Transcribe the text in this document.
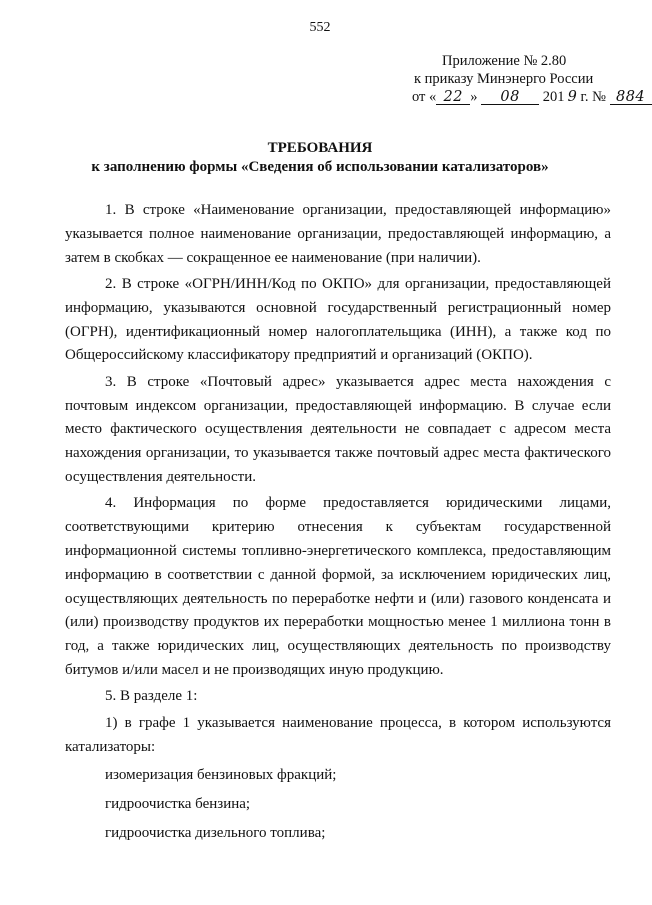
552
Приложение № 2.80
к приказу Минэнерго России
от « 22 » 08 201 9 г. № 884
ТРЕБОВАНИЯ
к заполнению формы «Сведения об использовании катализаторов»

1. В строке «Наименование организации, предоставляющей информацию» указывается полное наименование организации, предоставляющей информацию, а затем в скобках — сокращенное ее наименование (при наличии).

2. В строке «ОГРН/ИНН/Код по ОКПО» для организации, предоставляющей информацию, указываются основной государственный регистрационный номер (ОГРН), идентификационный номер налогоплательщика (ИНН), а также код по Общероссийскому классификатору предприятий и организаций (ОКПО).

3. В строке «Почтовый адрес» указывается адрес места нахождения с почтовым индексом организации, предоставляющей информацию. В случае если место фактического осуществления деятельности не совпадает с адресом места нахождения организации, то указывается также почтовый адрес места фактического осуществления деятельности.

4. Информация по форме предоставляется юридическими лицами, соответствующими критерию отнесения к субъектам государственной информационной системы топливно-энергетического комплекса, предоставляющим информацию в соответствии с данной формой, за исключением юридических лиц, осуществляющих деятельность по переработке нефти и (или) газового конденсата и (или) производству продуктов их переработки мощностью менее 1 миллиона тонн в год, а также юридических лиц, осуществляющих деятельность по производству битумов и/или масел и не производящих иную продукцию.

5. В разделе 1:

1) в графе 1 указывается наименование процесса, в котором используются катализаторы:

изомеризация бензиновых фракций;

гидроочистка бензина;

гидроочистка дизельного топлива;
